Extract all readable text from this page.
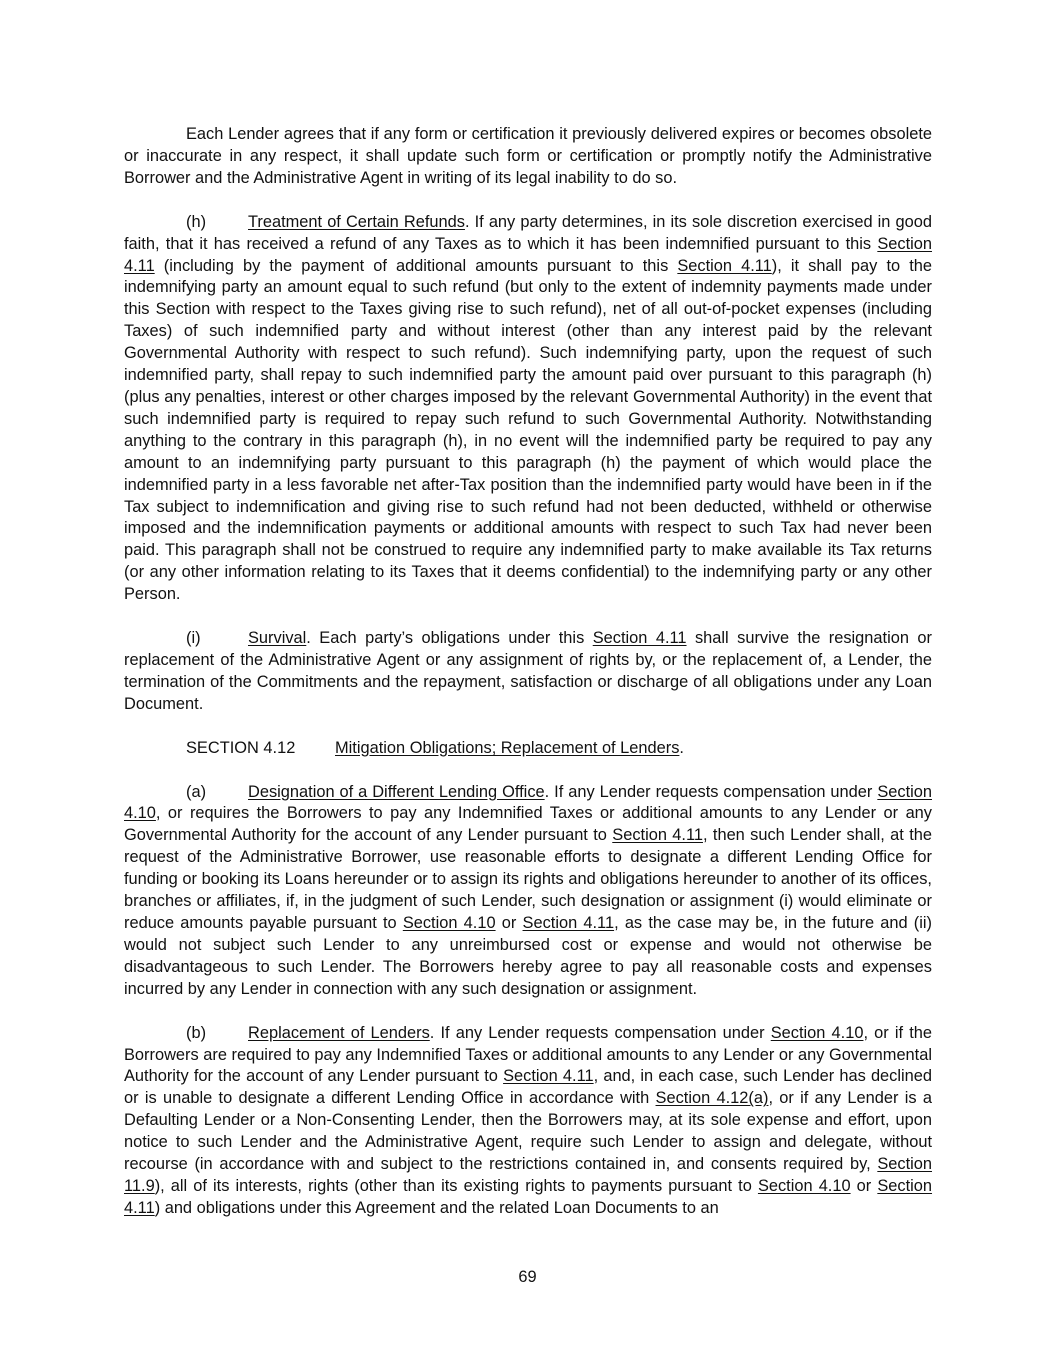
Each Lender agrees that if any form or certification it previously delivered expires or becomes obsolete or inaccurate in any respect, it shall update such form or certification or promptly notify the Administrative Borrower and the Administrative Agent in writing of its legal inability to do so.

(h)	Treatment of Certain Refunds. If any party determines, in its sole discretion exercised in good faith, that it has received a refund of any Taxes as to which it has been indemnified pursuant to this Section 4.11 (including by the payment of additional amounts pursuant to this Section 4.11), it shall pay to the indemnifying party an amount equal to such refund (but only to the extent of indemnity payments made under this Section with respect to the Taxes giving rise to such refund), net of all out-of-pocket expenses (including Taxes) of such indemnified party and without interest (other than any interest paid by the relevant Governmental Authority with respect to such refund). Such indemnifying party, upon the request of such indemnified party, shall repay to such indemnified party the amount paid over pursuant to this paragraph (h) (plus any penalties, interest or other charges imposed by the relevant Governmental Authority) in the event that such indemnified party is required to repay such refund to such Governmental Authority. Notwithstanding anything to the contrary in this paragraph (h), in no event will the indemnified party be required to pay any amount to an indemnifying party pursuant to this paragraph (h) the payment of which would place the indemnified party in a less favorable net after-Tax position than the indemnified party would have been in if the Tax subject to indemnification and giving rise to such refund had not been deducted, withheld or otherwise imposed and the indemnification payments or additional amounts with respect to such Tax had never been paid. This paragraph shall not be construed to require any indemnified party to make available its Tax returns (or any other information relating to its Taxes that it deems confidential) to the indemnifying party or any other Person.

(i)	Survival. Each party’s obligations under this Section 4.11 shall survive the resignation or replacement of the Administrative Agent or any assignment of rights by, or the replacement of, a Lender, the termination of the Commitments and the repayment, satisfaction or discharge of all obligations under any Loan Document.

SECTION 4.12 Mitigation Obligations; Replacement of Lenders.

(a)	Designation of a Different Lending Office. If any Lender requests compensation under Section 4.10, or requires the Borrowers to pay any Indemnified Taxes or additional amounts to any Lender or any Governmental Authority for the account of any Lender pursuant to Section 4.11, then such Lender shall, at the request of the Administrative Borrower, use reasonable efforts to designate a different Lending Office for funding or booking its Loans hereunder or to assign its rights and obligations hereunder to another of its offices, branches or affiliates, if, in the judgment of such Lender, such designation or assignment (i) would eliminate or reduce amounts payable pursuant to Section 4.10 or Section 4.11, as the case may be, in the future and (ii) would not subject such Lender to any unreimbursed cost or expense and would not otherwise be disadvantageous to such Lender. The Borrowers hereby agree to pay all reasonable costs and expenses incurred by any Lender in connection with any such designation or assignment.

(b)	Replacement of Lenders. If any Lender requests compensation under Section 4.10, or if the Borrowers are required to pay any Indemnified Taxes or additional amounts to any Lender or any Governmental Authority for the account of any Lender pursuant to Section 4.11, and, in each case, such Lender has declined or is unable to designate a different Lending Office in accordance with Section 4.12(a), or if any Lender is a Defaulting Lender or a Non-Consenting Lender, then the Borrowers may, at its sole expense and effort, upon notice to such Lender and the Administrative Agent, require such Lender to assign and delegate, without recourse (in accordance with and subject to the restrictions contained in, and consents required by, Section 11.9), all of its interests, rights (other than its existing rights to payments pursuant to Section 4.10 or Section 4.11) and obligations under this Agreement and the related Loan Documents to an

69
